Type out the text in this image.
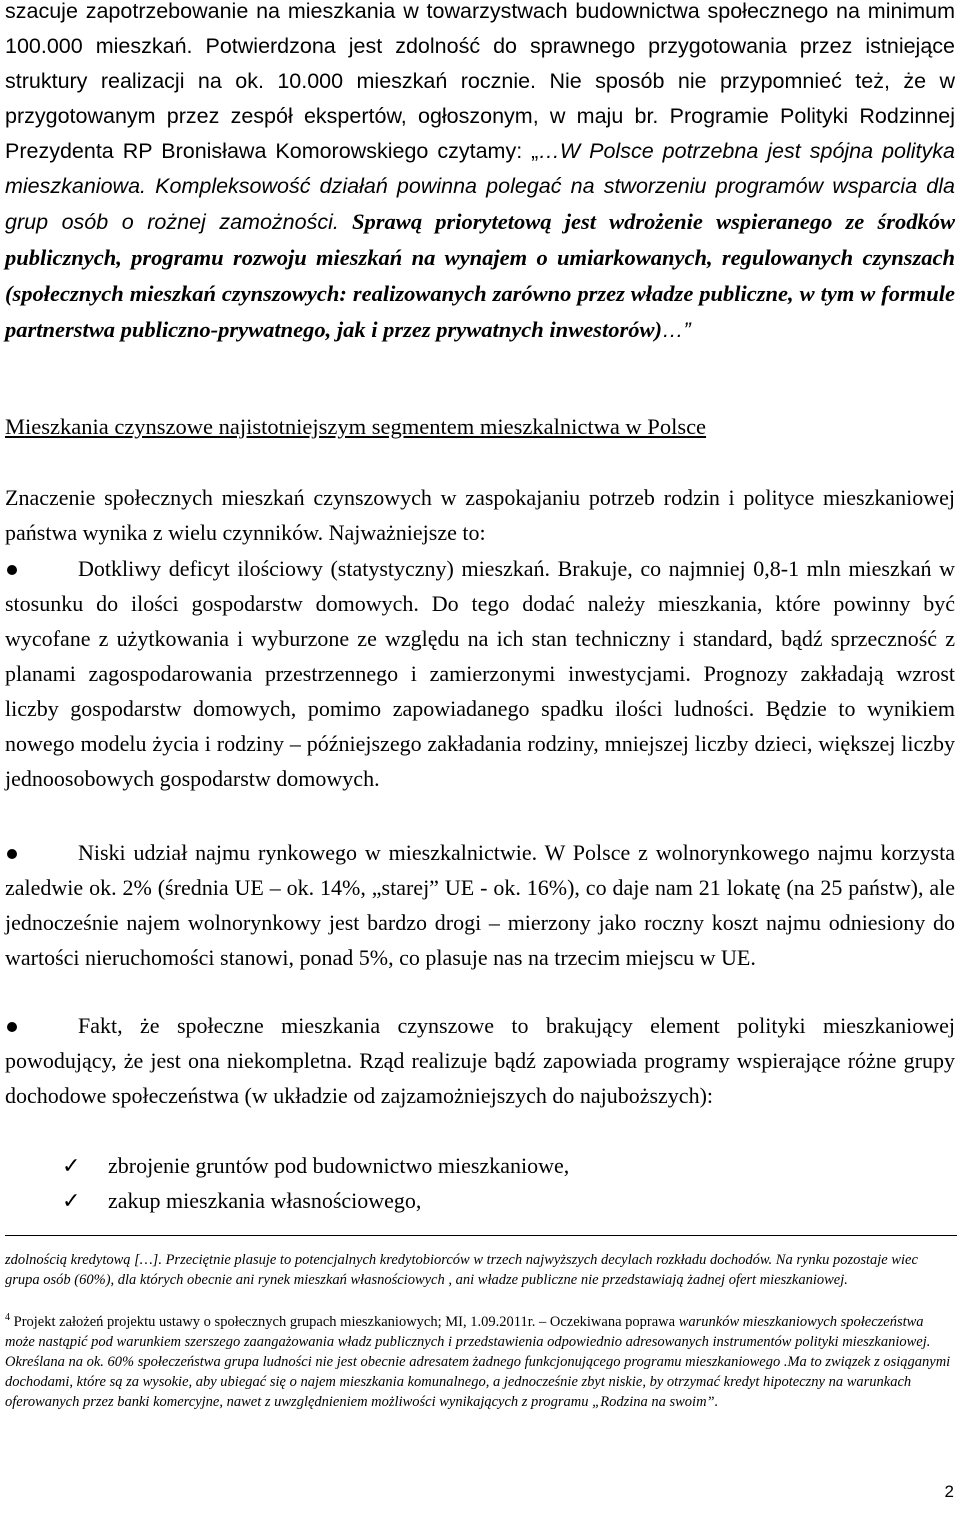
szacuje zapotrzebowanie na mieszkania w towarzystwach budownictwa społecznego na minimum 100.000 mieszkań. Potwierdzona jest zdolność do sprawnego przygotowania przez istniejące struktury realizacji na ok. 10.000 mieszkań rocznie. Nie sposób nie przypomnieć też, że w przygotowanym przez zespół ekspertów, ogłoszonym, w maju br. Programie Polityki Rodzinnej Prezydenta RP Bronisława Komorowskiego czytamy: „…W Polsce potrzebna jest spójna polityka mieszkaniowa. Kompleksowość działań powinna polegać na stworzeniu programów wsparcia dla grup osób o rożnej zamożności. Sprawą priorytetową jest wdrożenie wspieranego ze środków publicznych, programu rozwoju mieszkań na wynajem o umiarkowanych, regulowanych czynszach (społecznych mieszkań czynszowych: realizowanych zarówno przez władze publiczne, w tym w formule partnerstwa publiczno-prywatnego, jak i przez prywatnych inwestorów)…”

Mieszkania czynszowe najistotniejszym segmentem mieszkalnictwa w Polsce

Znaczenie społecznych mieszkań czynszowych w zaspokajaniu potrzeb rodzin i polityce mieszkaniowej państwa wynika z wielu czynników. Najważniejsze to:

Dotkliwy deficyt ilościowy (statystyczny) mieszkań. Brakuje, co najmniej 0,8-1 mln mieszkań w stosunku do ilości gospodarstw domowych. Do tego dodać należy mieszkania, które powinny być wycofane z użytkowania i wyburzone ze względu na ich stan techniczny i standard, bądź sprzeczność z planami zagospodarowania przestrzennego i zamierzonymi inwestycjami. Prognozy zakładają wzrost liczby gospodarstw domowych, pomimo zapowiadanego spadku ilości ludności. Będzie to wynikiem nowego modelu życia i rodziny – późniejszego zakładania rodziny, mniejszej liczby dzieci, większej liczby jednoosobowych gospodarstw domowych.

Niski udział najmu rynkowego w mieszkalnictwie. W Polsce z wolnorynkowego najmu korzysta zaledwie ok. 2% (średnia UE – ok. 14%, „starej” UE - ok. 16%), co daje nam 21 lokatę (na 25 państw), ale jednocześnie najem wolnorynkowy jest bardzo drogi – mierzony jako roczny koszt najmu odniesiony do wartości nieruchomości stanowi, ponad 5%, co plasuje nas na trzecim miejscu w UE.

Fakt, że społeczne mieszkania czynszowe to brakujący element polityki mieszkaniowej powodujący, że jest ona niekompletna. Rząd realizuje bądź zapowiada programy wspierające różne grupy dochodowe społeczeństwa (w układzie od zajzamożniejszych do najuboższych):

✓ zbrojenie gruntów pod budownictwo mieszkaniowe,
✓ zakup mieszkania własnościowego,
zdolnością kredytową […]. Przeciętnie plasuje to potencjalnych kredytobiorców w trzech najwyższych decylach rozkładu dochodów. Na rynku pozostaje wiec grupa osób (60%), dla których obecnie ani rynek mieszkań własnościowych , ani władze publiczne nie przedstawiają żadnej ofert mieszkaniowej.
$^4$ Projekt założeń projektu ustawy o społecznych grupach mieszkaniowych; MI, 1.09.2011r. – Oczekiwana poprawa warunków mieszkaniowych społeczeństwa może nastąpić pod warunkiem szerszego zaangażowania władz publicznych i przedstawienia odpowiednio adresowanych instrumentów polityki mieszkaniowej. Określana na ok. 60% społeczeństwa grupa ludności nie jest obecnie adresatem żadnego funkcjonującego programu mieszkaniowego .Ma to związek z osiąganymi dochodami, które są za wysokie, aby ubiegać się o najem mieszkania komunalnego, a jednocześnie zbyt niskie, by otrzymać kredyt hipoteczny na warunkach oferowanych przez banki komercyjne, nawet z uwzględnieniem możliwości wynikających z programu „Rodzina na swoim”.
2
